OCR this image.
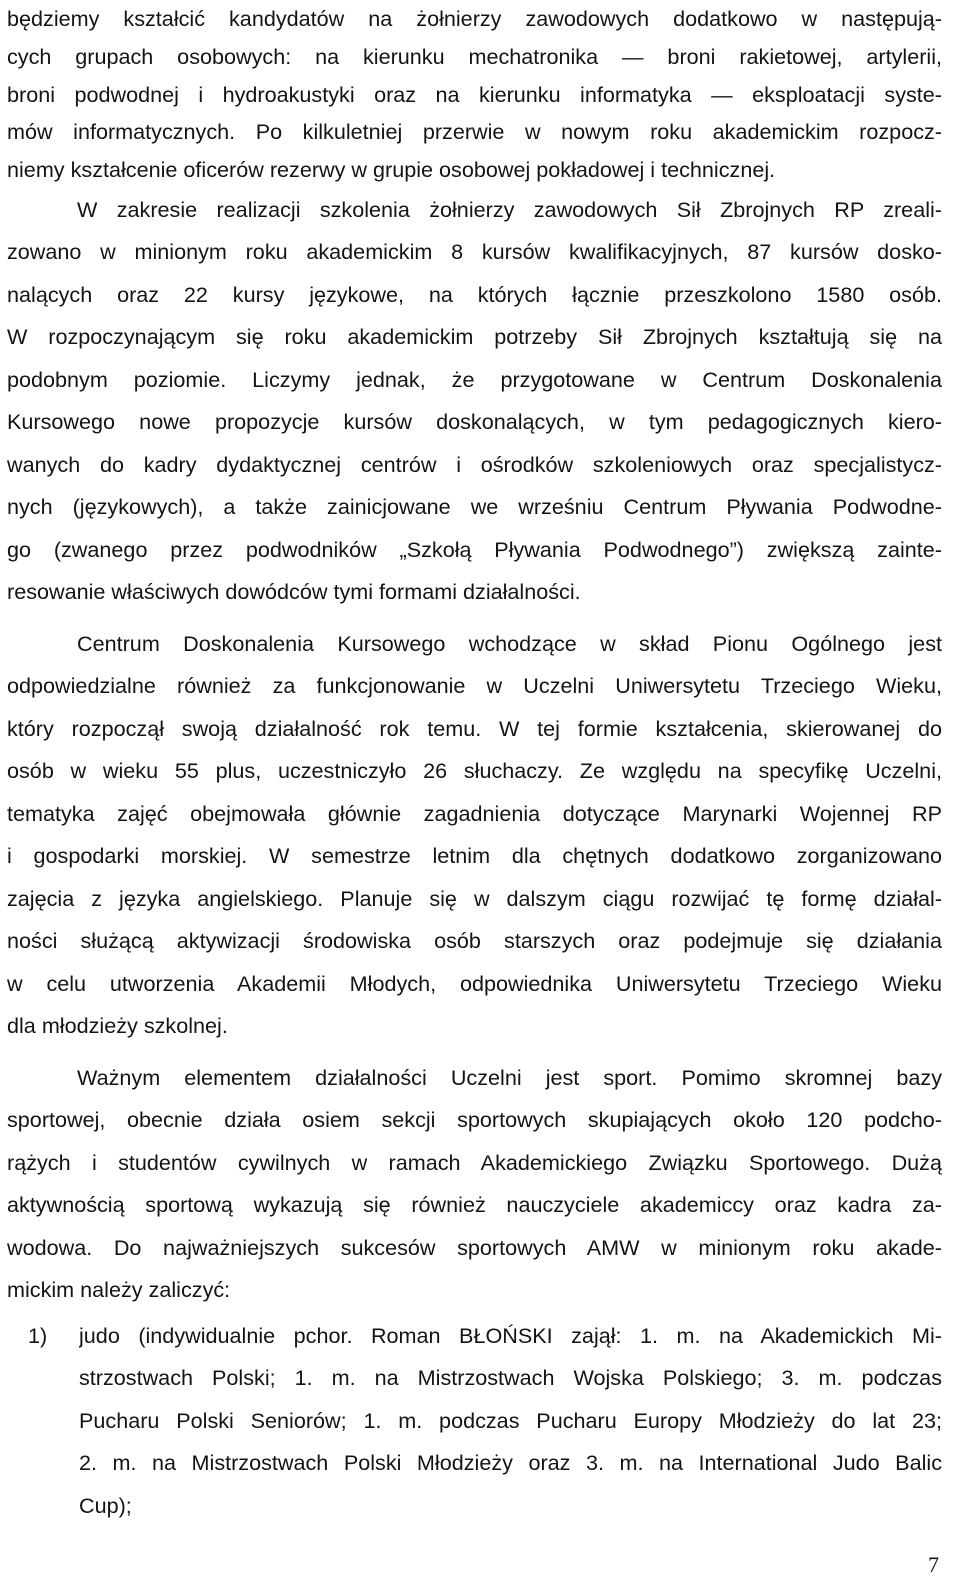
będziemy kształcić kandydatów na żołnierzy zawodowych dodatkowo w następują-
cych grupach osobowych: na kierunku mechatronika — broni rakietowej, artylerii,
broni podwodnej i hydroakustyki oraz na kierunku informatyka — eksploatacji syste-
mów informatycznych. Po kilkuletniej przerwie w nowym roku akademickim rozpocz-
niemy kształcenie oficerów rezerwy w grupie osobowej pokładowej i technicznej.
W zakresie realizacji szkolenia żołnierzy zawodowych Sił Zbrojnych RP zreali-
zowano w minionym roku akademickim 8 kursów kwalifikacyjnych, 87 kursów dosko-
nalących oraz 22 kursy językowe, na których łącznie przeszkolono 1580 osób.
W rozpoczynającym się roku akademickim potrzeby Sił Zbrojnych kształtują się na
podobnym poziomie. Liczymy jednak, że przygotowane w Centrum Doskonalenia
Kursowego nowe propozycje kursów doskonalących, w tym pedagogicznych kiero-
wanych do kadry dydaktycznej centrów i ośrodków szkoleniowych oraz specjalistycz-
nych (językowych), a także zainicjowane we wrześniu Centrum Pływania Podwodne-
go (zwanego przez podwodników „Szkołą Pływania Podwodnego”) zwiększą zainte-
resowanie właściwych dowódców tymi formami działalności.
Centrum Doskonalenia Kursowego wchodzące w skład Pionu Ogólnego jest
odpowiedzialne również za funkcjonowanie w Uczelni Uniwersytetu Trzeciego Wieku,
który rozpoczął swoją działalność rok temu. W tej formie kształcenia, skierowanej do
osób w wieku 55 plus, uczestniczyło 26 słuchaczy. Ze względu na specyfikę Uczelni,
tematyka zajęć obejmowała głównie zagadnienia dotyczące Marynarki Wojennej RP
i gospodarki morskiej. W semestrze letnim dla chętnych dodatkowo zorganizowano
zajęcia z języka angielskiego. Planuje się w dalszym ciągu rozwijać tę formę działal-
ności służącą aktywizacji środowiska osób starszych oraz podejmuje się działania
w celu utworzenia Akademii Młodych, odpowiednika Uniwersytetu Trzeciego Wieku
dla młodzieży szkolnej.
Ważnym elementem działalności Uczelni jest sport. Pomimo skromnej bazy
sportowej, obecnie działa osiem sekcji sportowych skupiających około 120 podcho-
rążych i studentów cywilnych w ramach Akademickiego Związku Sportowego. Dużą
aktywnością sportową wykazują się również nauczyciele akademiccy oraz kadra za-
wodowa. Do najważniejszych sukcesów sportowych AMW w minionym roku akade-
mickim należy zaliczyć:
1) judo (indywidualnie pchor. Roman BŁOŃSKI zajął: 1. m. na Akademickich Mi-
strzostwach Polski; 1. m. na Mistrzostwach Wojska Polskiego; 3. m. podczas
Pucharu Polski Seniorów; 1. m. podczas Pucharu Europy Młodzieży do lat 23;
2. m. na Mistrzostwach Polski Młodzieży oraz 3. m. na International Judo Balic
Cup);
7
